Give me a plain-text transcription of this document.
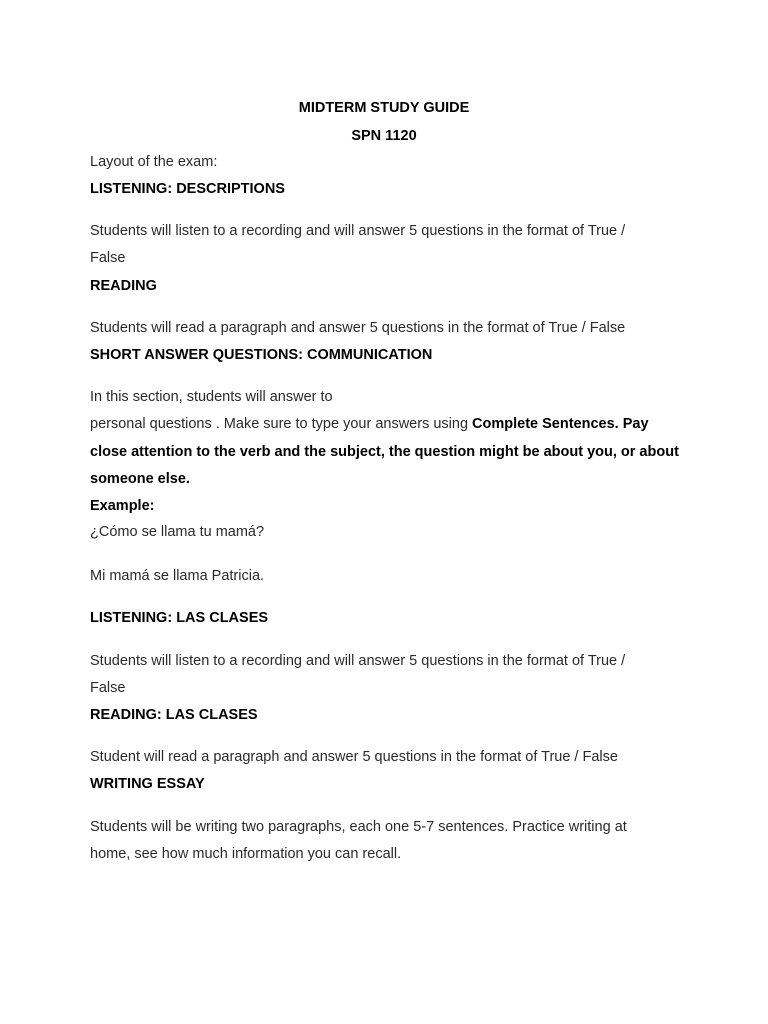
MIDTERM STUDY GUIDE
SPN 1120
Layout of the exam:
LISTENING: DESCRIPTIONS
Students will listen to a recording and will answer 5 questions in the format of True /
False
READING
Students will read a paragraph and answer 5 questions in the format of True / False
SHORT ANSWER QUESTIONS: COMMUNICATION
In this section, students will answer to
personal questions . Make sure to type your answers using Complete Sentences. Pay
close attention to the verb and the subject, the question might be about you, or about
someone else.
Example:
¿Cómo se llama tu mamá?
Mi mamá se llama Patricia.
LISTENING: LAS CLASES
Students will listen to a recording and will answer 5 questions in the format of True /
False
READING: LAS CLASES
Student will read a paragraph and answer 5 questions in the format of True / False
WRITING ESSAY
Students will be writing two paragraphs, each one 5-7 sentences. Practice writing at
home, see how much information you can recall.
